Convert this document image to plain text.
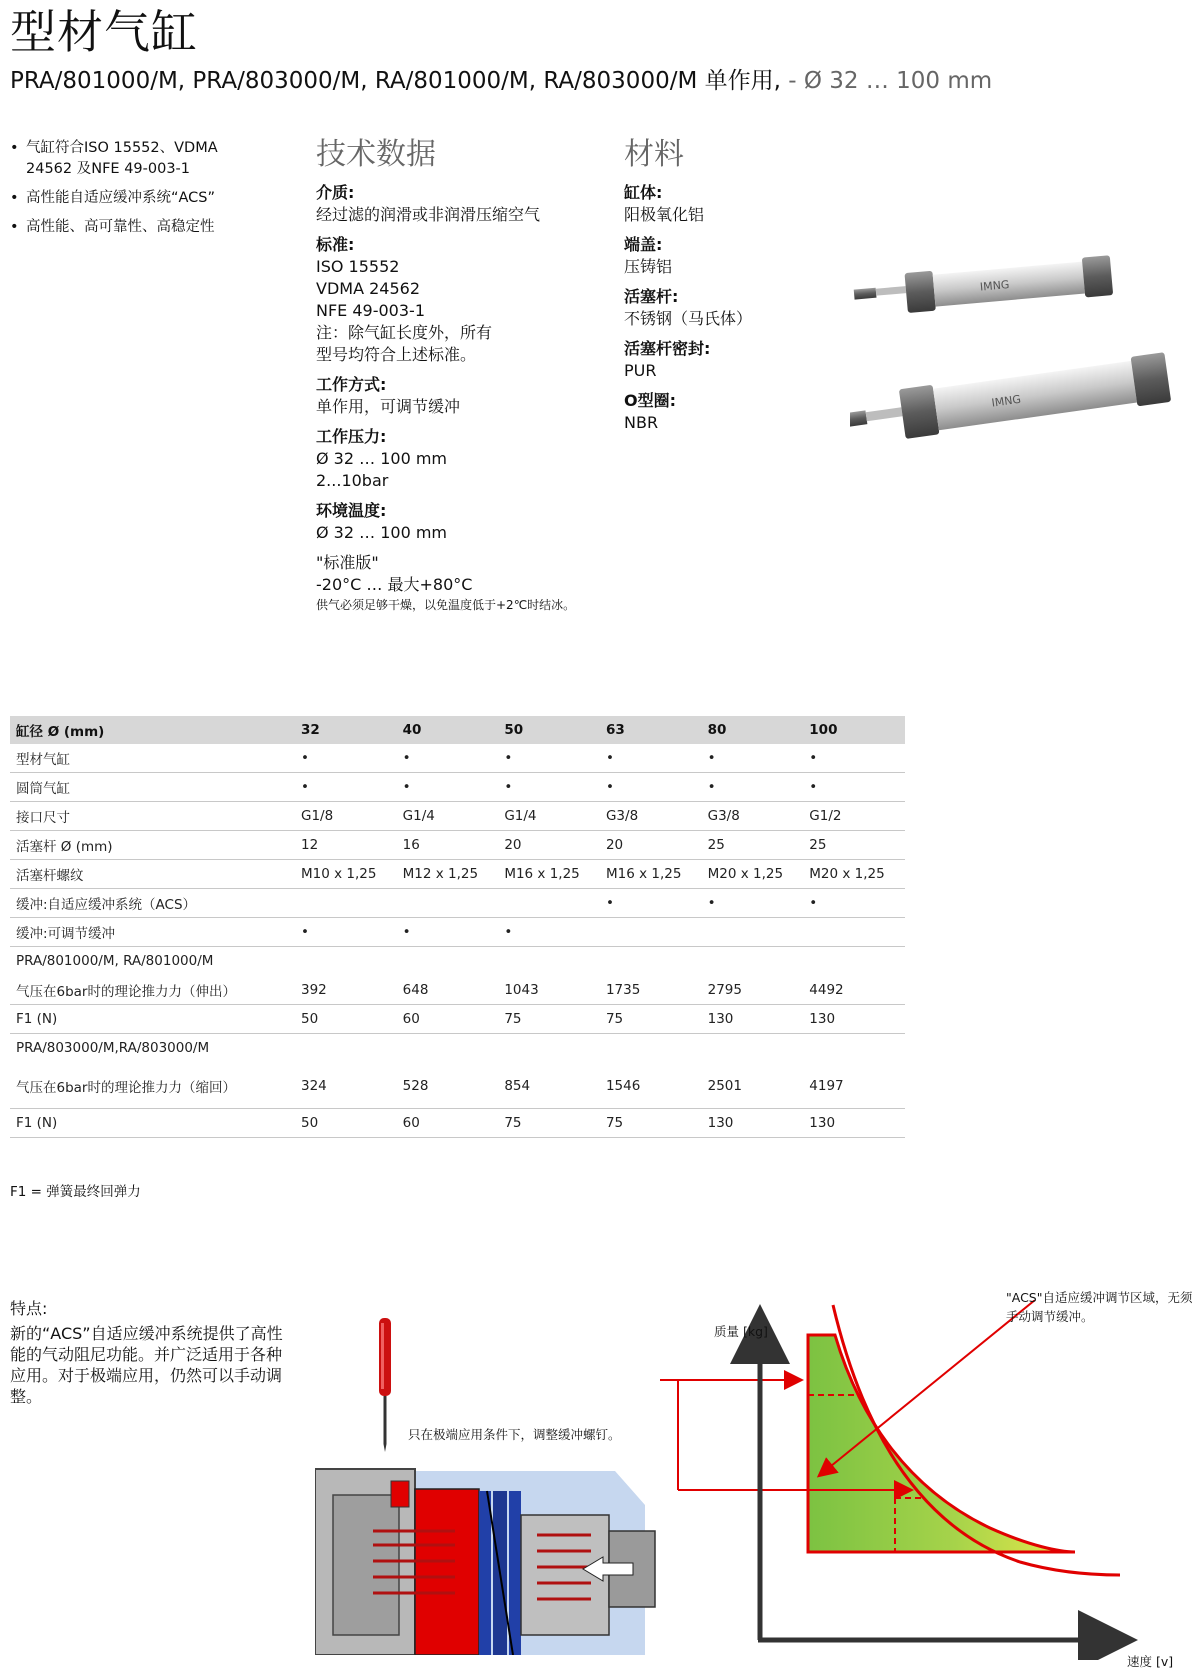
型材气缸
PRA/801000/M, PRA/803000/M, RA/801000/M, RA/803000/M 单作用, - Ø 32 … 100 mm
• 气缸符合ISO 15552、VDMA 24562 及NFE 49-003-1
• 高性能自适应缓冲系统“ACS”
• 高性能、高可靠性、高稳定性
技术数据
介质:
经过滤的润滑或非润滑压缩空气
标准:
ISO 15552
VDMA 24562
NFE 49-003-1
注：除气缸长度外，所有型号均符合上述标准。
工作方式:
单作用，可调节缓冲
工作压力:
Ø 32 … 100 mm
2...10bar
环境温度:
Ø 32 … 100 mm
"标准版"
-20°C … 最大+80°C
供气必须足够干燥，以免温度低于+2℃时结冰。
材料
缸体:
阳极氧化铝
端盖:
压铸铝
活塞杆:
不锈钢（马氏体）
活塞杆密封:
PUR
O型圈:
NBR
IMNG
IMNG
缸径 Ø (mm)	32	40	50	63	80	100
型材气缸	•	•	•	•	•	•
圆筒气缸	•	•	•	•	•	•
接口尺寸	G1/8	G1/4	G1/4	G3/8	G3/8	G1/2
活塞杆 Ø (mm)	12	16	20	20	25	25
活塞杆螺纹	M10 x 1,25	M12 x 1,25	M16 x 1,25	M16 x 1,25	M20 x 1,25	M20 x 1,25
缓冲:自适应缓冲系统（ACS）				•	•	•
缓冲:可调节缓冲	•	•	•			
PRA/801000/M, RA/801000/M						
气压在6bar时的理论推力力（伸出）	392	648	1043	1735	2795	4492
F1 (N)	50	60	75	75	130	130
PRA/803000/M,RA/803000/M						
气压在6bar时的理论推力力（缩回）	324	528	854	1546	2501	4197
F1 (N)	50	60	75	75	130	130
F1 = 弹簧最终回弹力
特点:
新的“ACS”自适应缓冲系统提供了高性能的气动阻尼功能。并广泛适用于各种应用。对于极端应用，仍然可以手动调整。
只在极端应用条件下，调整缓冲螺钉。
"ACS"自适应缓冲调节区域，无须手动调节缓冲。
质量 [kg]
速度 [v]
